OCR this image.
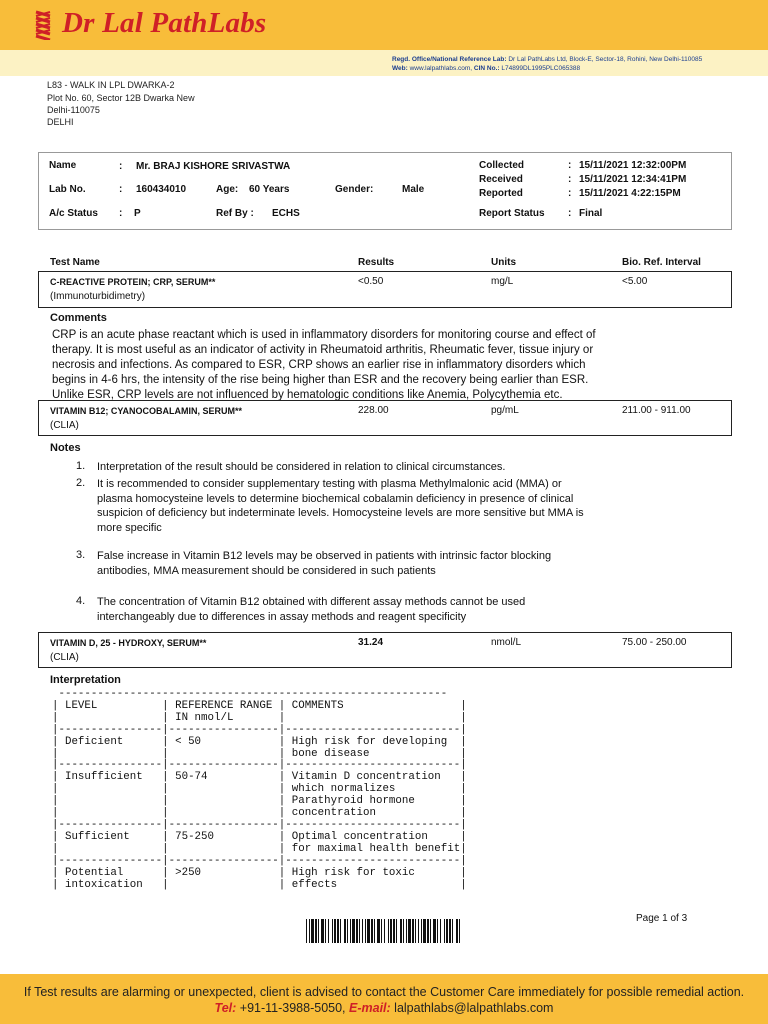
Dr Lal PathLabs
Regd. Office/National Reference Lab: Dr Lal PathLabs Ltd, Block-E, Sector-18, Rohini, New Delhi-110085
Web: www.lalpathlabs.com, CIN No.: L74899DL1995PLC065388
L83 - WALK IN LPL DWARKA-2
Plot No. 60, Sector 12B Dwarka New
Delhi-110075
DELHI
Name	: Mr. BRAJ KISHORE SRIVASTWA
Lab No.	: 160434010	Age: 60 Years	Gender:	Male
A/c Status : P	Ref By : ECHS
Collected	: 15/11/2021 12:32:00PM
Received	: 15/11/2021 12:34:41PM
Reported	: 15/11/2021 4:22:15PM
Report Status : Final
Test Name	Results	Units	Bio. Ref. Interval
C-REACTIVE PROTEIN; CRP, SERUM**
(Immunoturbidimetry)
<0.50	mg/L	<5.00
Comments
CRP is an acute phase reactant which is used in inflammatory disorders for monitoring course and effect of
therapy. It is most useful as an indicator of activity in Rheumatoid arthritis, Rheumatic fever, tissue injury or
necrosis and infections. As compared to ESR, CRP shows an earlier rise in inflammatory disorders which
begins in 4-6 hrs, the intensity of the rise being higher than ESR and the recovery being earlier than ESR.
Unlike ESR, CRP levels are not influenced by hematologic conditions like Anemia, Polycythemia etc.
VITAMIN B12; CYANOCOBALAMIN, SERUM**
(CLIA)
228.00	pg/mL	211.00 - 911.00
Notes
1. Interpretation of the result should be considered in relation to clinical circumstances.
2. It is recommended to consider supplementary testing with plasma Methylmalonic acid (MMA) or
plasma homocysteine levels to determine biochemical cobalamin deficiency in presence of clinical
suspicion of deficiency but indeterminate levels. Homocysteine levels are more sensitive but MMA is
more specific
3. False increase in Vitamin B12 levels may be observed in patients with intrinsic factor blocking
antibodies, MMA measurement should be considered in such patients
4. The concentration of Vitamin B12 obtained with different assay methods cannot be used
interchangeably due to differences in assay methods and reagent specificity
VITAMIN D, 25 - HYDROXY, SERUM**
(CLIA)
31.24	nmol/L	75.00 - 250.00
Interpretation
------------------------------------------------------------
| LEVEL          | REFERENCE RANGE | COMMENTS                  |
|                | IN nmol/L       |                           |
|----------------|-----------------|---------------------------|
| Deficient      | < 50            | High risk for developing  |
|                |                 | bone disease              |
|----------------|-----------------|---------------------------|
| Insufficient   | 50-74           | Vitamin D concentration   |
|                |                 | which normalizes          |
|                |                 | Parathyroid hormone       |
|                |                 | concentration             |
|----------------|-----------------|---------------------------|
| Sufficient     | 75-250          | Optimal concentration     |
|                |                 | for maximal health benefit|
|----------------|-----------------|---------------------------|
| Potential      | >250            | High risk for toxic       |
| intoxication   |                 | effects                   |
Page 1 of 3
If Test results are alarming or unexpected, client is advised to contact the Customer Care immediately for possible remedial action.
Tel: +91-11-3988-5050, E-mail: lalpathlabs@lalpathlabs.com
